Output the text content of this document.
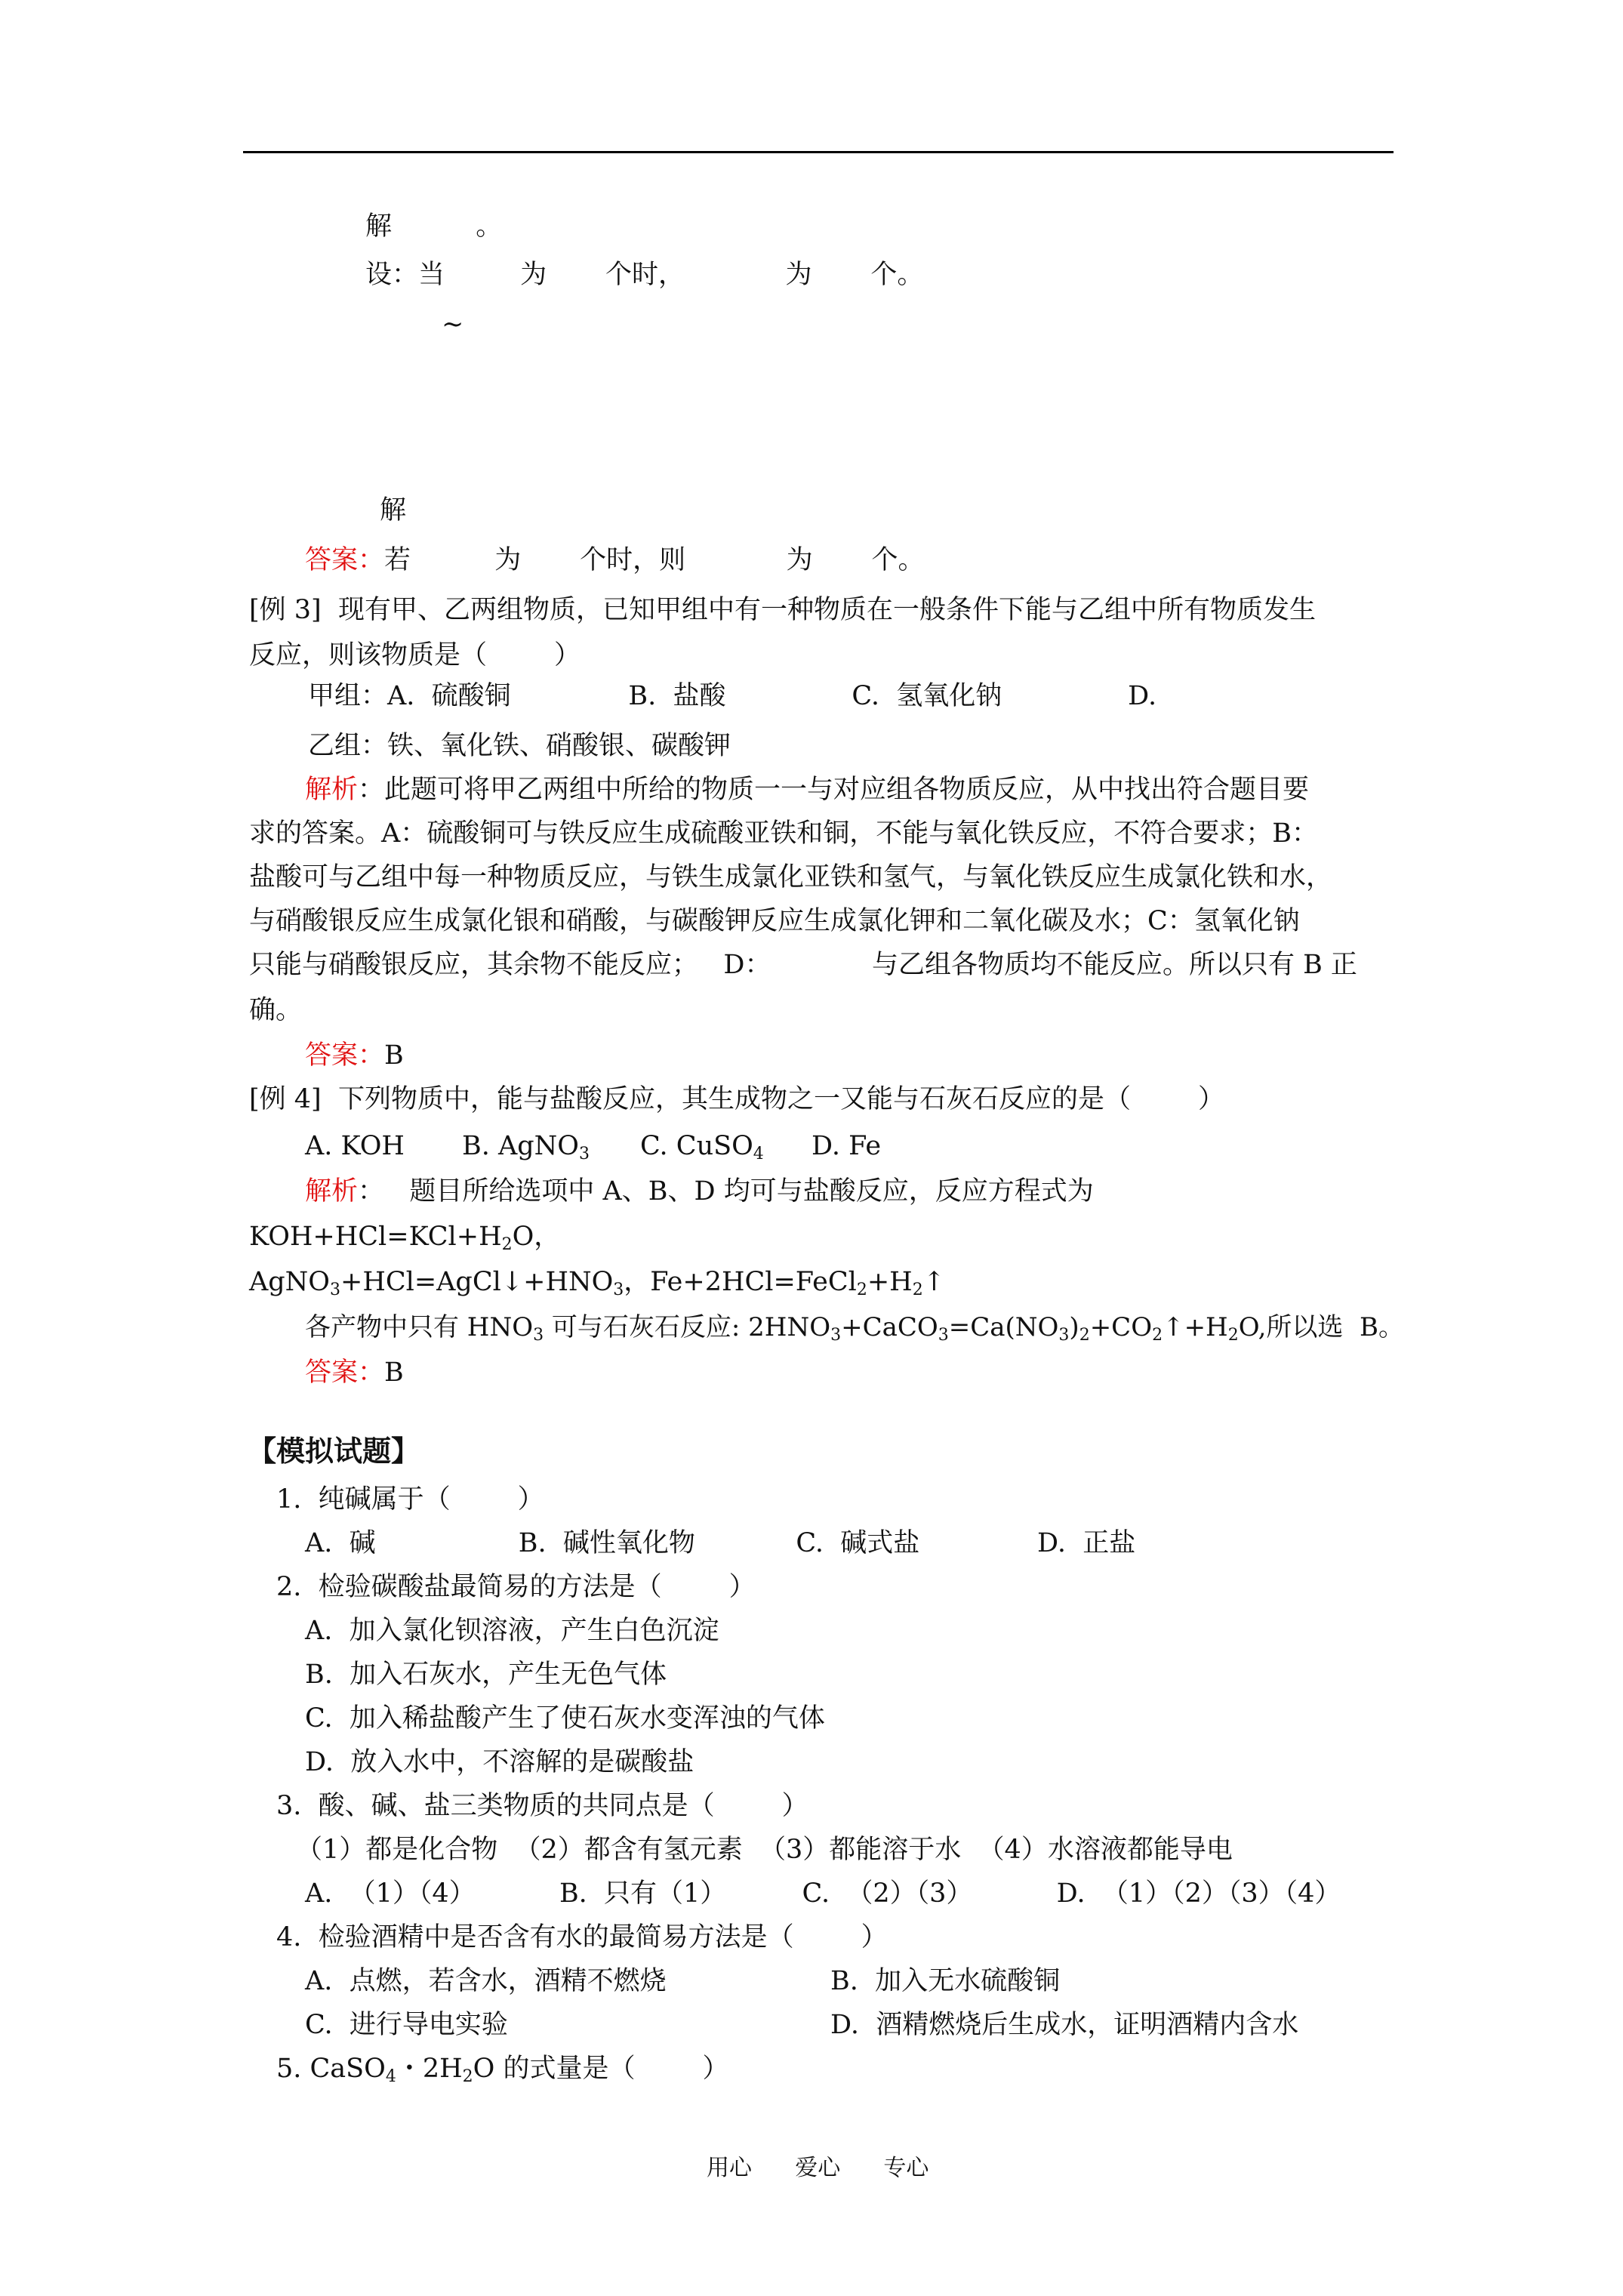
解          。
设：当         为       个时，            为       个。
~
解
答案：若          为       个时，则            为       个。
[例 3]  现有甲、乙两组物质，已知甲组中有一种物质在一般条件下能与乙组中所有物质发生
反应，则该物质是（        ）
甲组：A.  硫酸铜              B.  盐酸               C.  氢氧化钠               D.
乙组：铁、氧化铁、硝酸银、碳酸钾
解析：此题可将甲乙两组中所给的物质一一与对应组各物质反应，从中找出符合题目要
求的答案。A：硫酸铜可与铁反应生成硫酸亚铁和铜，不能与氧化铁反应，不符合要求；B：
盐酸可与乙组中每一种物质反应，与铁生成氯化亚铁和氢气，与氧化铁反应生成氯化铁和水，
与硝酸银反应生成氯化银和硝酸，与碳酸钾反应生成氯化钾和二氧化碳及水；C：氢氧化钠
只能与硝酸银反应，其余物不能反应；   D：            与乙组各物质均不能反应。所以只有 B 正
确。
答案：B
[例 4]  下列物质中，能与盐酸反应，其生成物之一又能与石灰石反应的是（        ）
A. KOH B. AgNO$_3$ C. CuSO$_4$ D. Fe
解析：   题目所给选项中 A、B、D 均可与盐酸反应，反应方程式为
$KOH+HCl=KCl+H_2O$，
$AgNO_3+HCl=AgCl↓+HNO_3$，$Fe+2HCl=FeCl_2+H_2↑$
各产物中只有 $HNO_3$ 可与石灰石反应: $2HNO_3+CaCO_3=Ca(NO_3)_2+CO_2↑+H_2O$,所以选  B。
答案：B
【模拟试题】
1.  纯碱属于（        ）
A.  碱                 B.  碱性氧化物            C.  碱式盐              D.  正盐
2.  检验碳酸盐最简易的方法是（        ）
A.  加入氯化钡溶液，产生白色沉淀
B.  加入石灰水，产生无色气体
C.  加入稀盐酸产生了使石灰水变浑浊的气体
D.  放入水中，不溶解的是碳酸盐
3.  酸、碱、盐三类物质的共同点是（        ）
（1）都是化合物  （2）都含有氢元素  （3）都能溶于水  （4）水溶液都能导电
A.  （1）（4）          B.  只有（1）         C.  （2）（3）          D.  （1）（2）（3）（4）
4.  检验酒精中是否含有水的最简易方法是（        ）
A.  点燃，若含水，酒精不燃烧	B.  加入无水硫酸铜
C.  进行导电实验	D.  酒精燃烧后生成水，证明酒精内含水
5. CaSO$_4$・$2H_2O$ 的式量是（        ）
用心      爱心      专心
